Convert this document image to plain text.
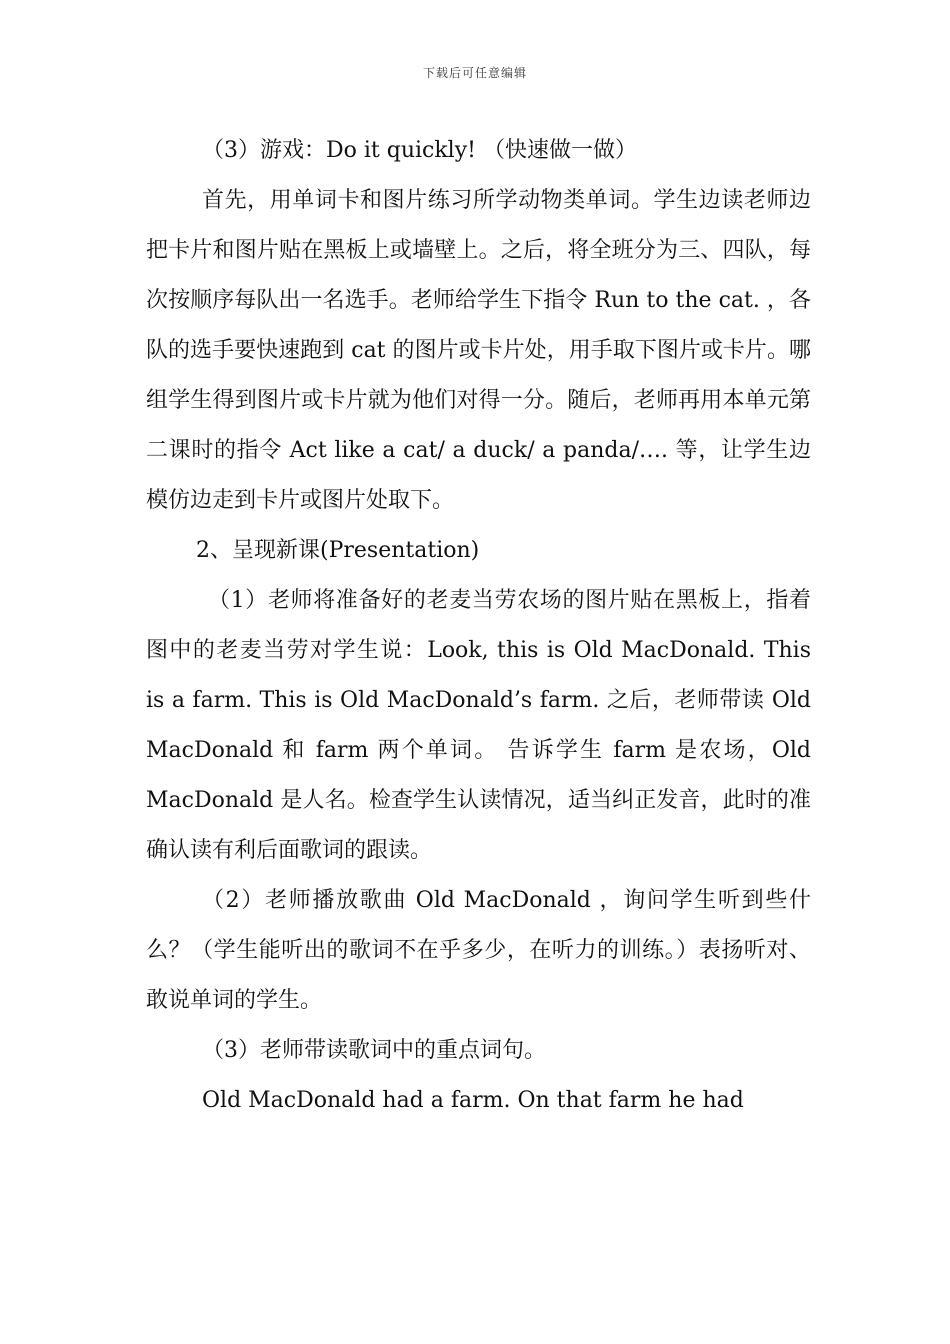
下载后可任意编辑

（3）游戏：Do it quickly! （快速做一做）

首先，用单词卡和图片练习所学动物类单词。学生边读老师边把卡片和图片贴在黑板上或墙壁上。之后，将全班分为三、四队，每次按顺序每队出一名选手。老师给学生下指令 Run to the cat. ，各队的选手要快速跑到 cat 的图片或卡片处，用手取下图片或卡片。哪组学生得到图片或卡片就为他们对得一分。随后，老师再用本单元第二课时的指令 Act like a cat/ a duck/ a panda/…. 等，让学生边模仿边走到卡片或图片处取下。

2、呈现新课(Presentation)

（1）老师将准备好的老麦当劳农场的图片贴在黑板上，指着图中的老麦当劳对学生说：Look, this is Old MacDonald. This is a farm. This is Old MacDonald’s farm. 之后，老师带读 Old MacDonald 和 farm 两个单词。 告诉学生 farm 是农场，Old MacDonald 是人名。检查学生认读情况，适当纠正发音，此时的准确认读有利后面歌词的跟读。

（2）老师播放歌曲 Old MacDonald ，询问学生听到些什么？（学生能听出的歌词不在乎多少，在听力的训练。）表扬听对、敢说单词的学生。

（3）老师带读歌词中的重点词句。

Old MacDonald had a farm. On that farm he had
